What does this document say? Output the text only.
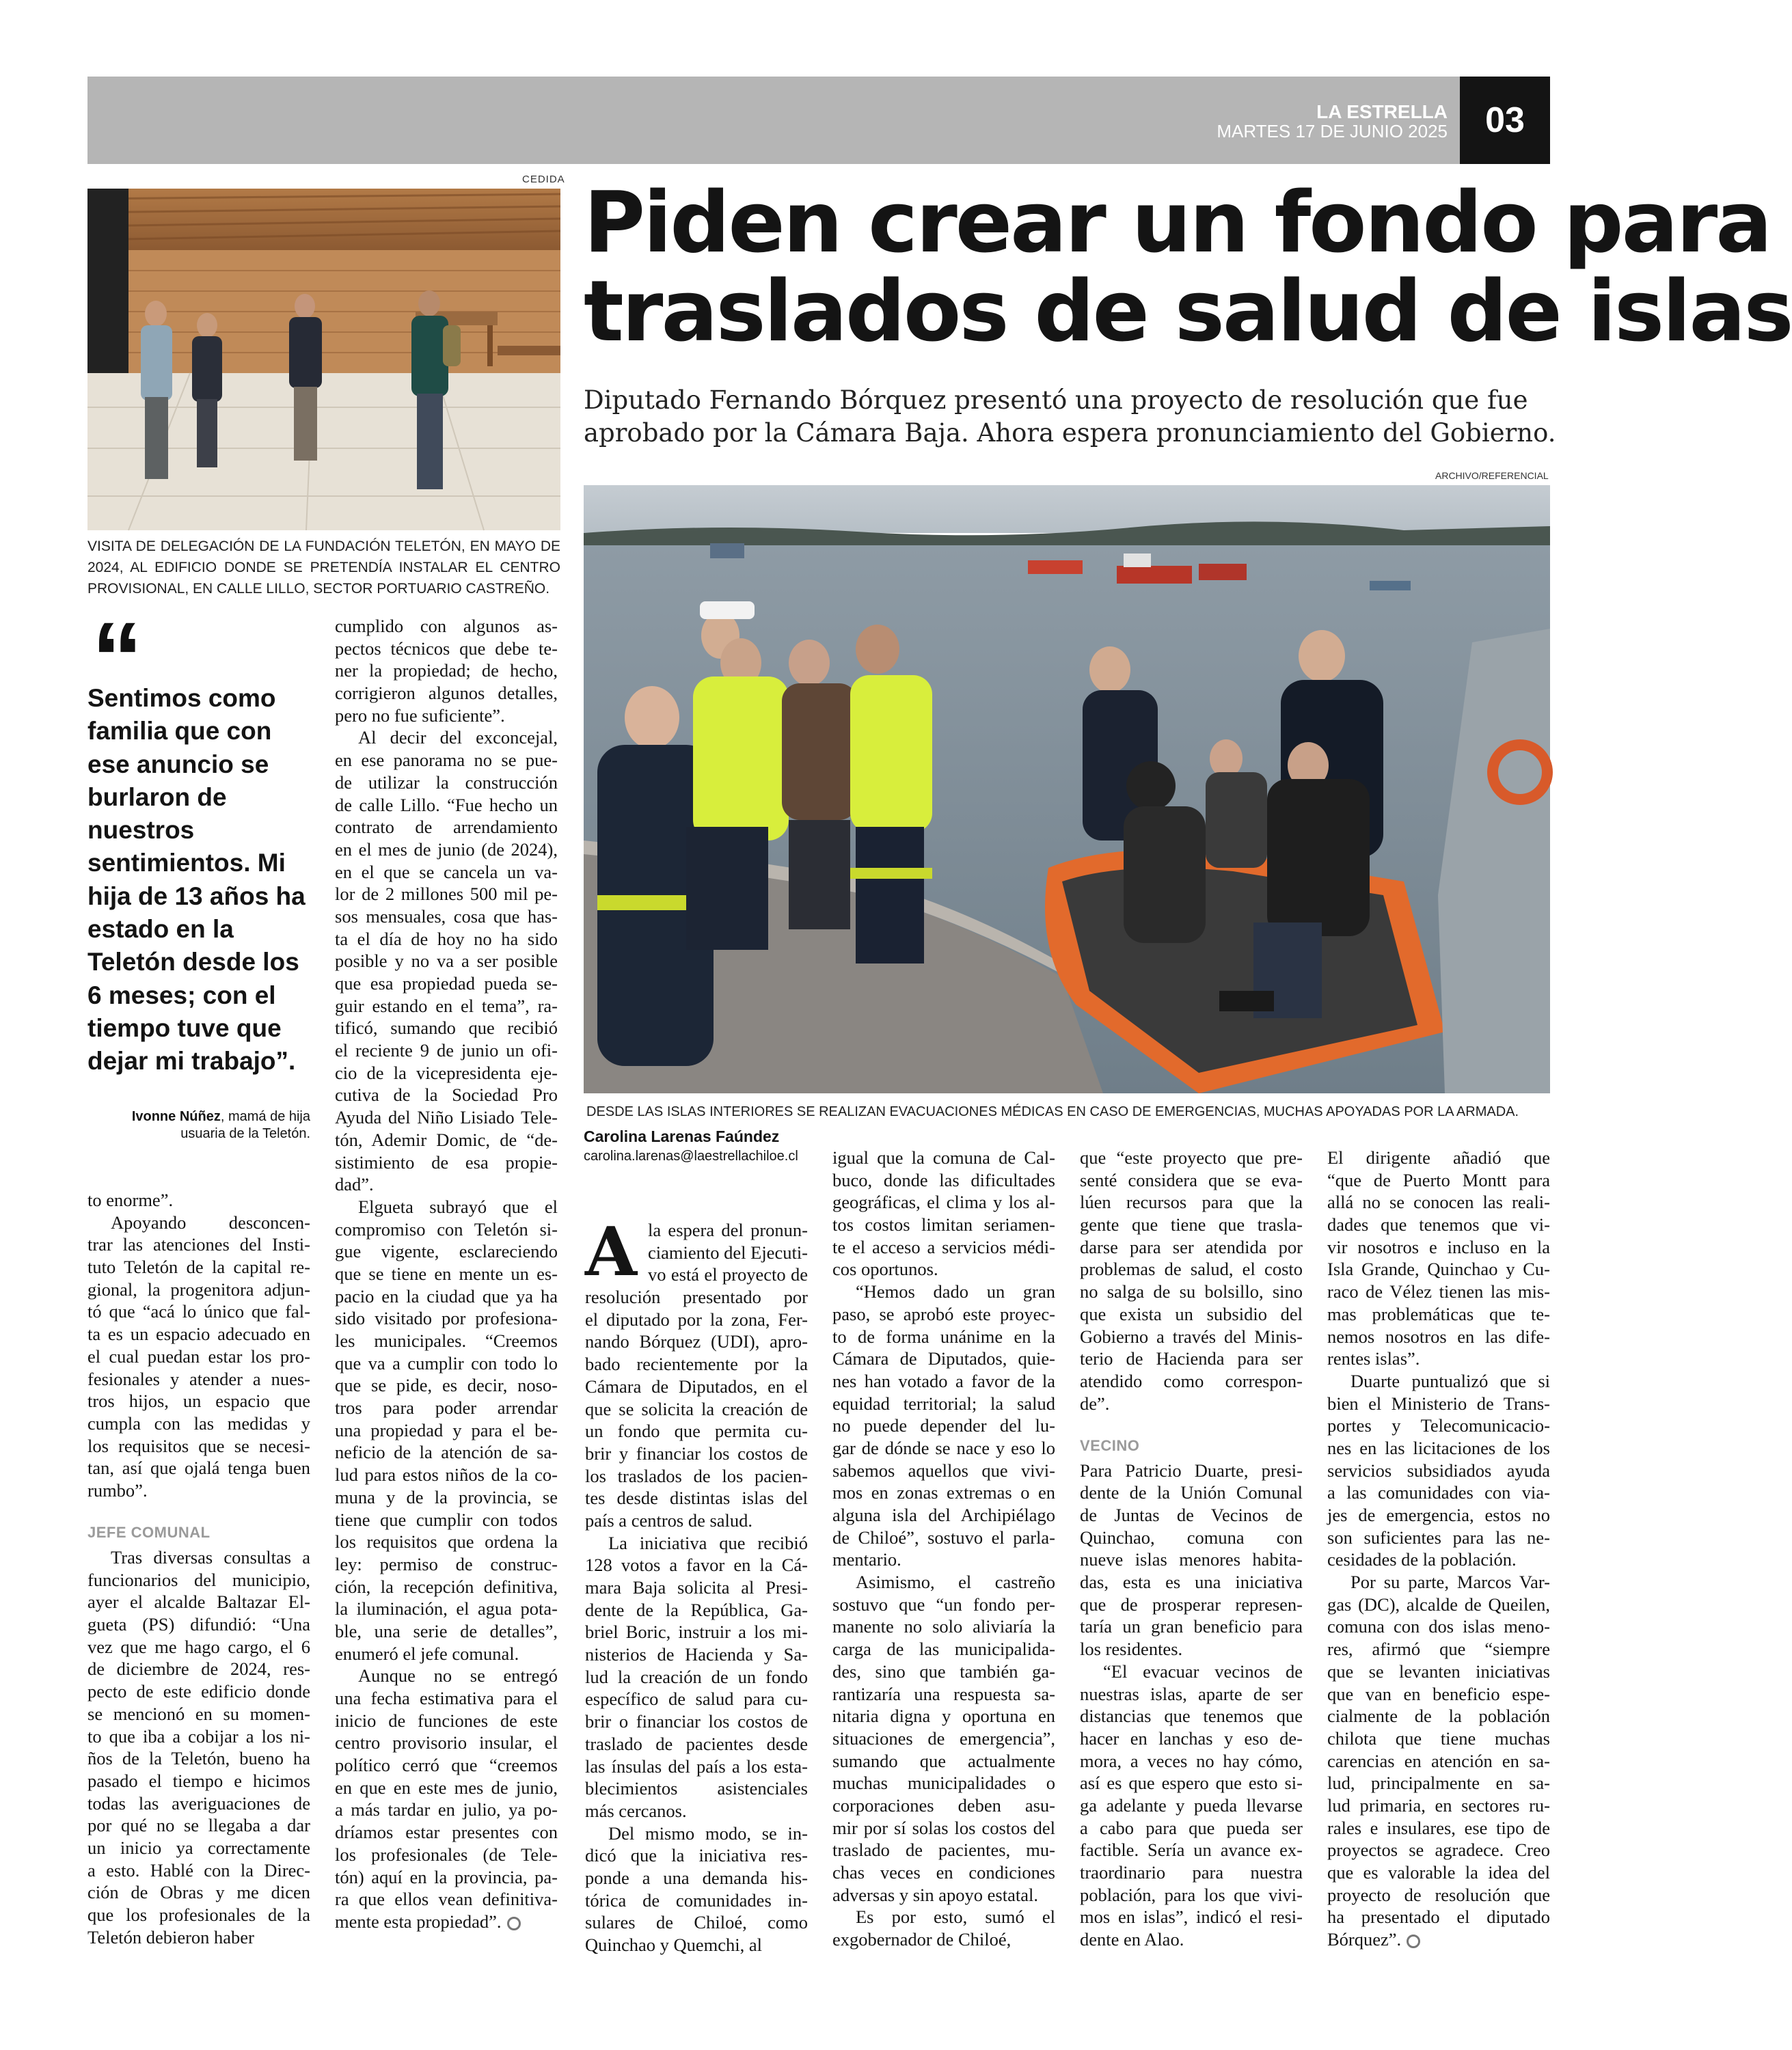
LA ESTRELLA
MARTES 17 DE JUNIO 2025	03
CEDIDA
VISITA DE DELEGACIÓN DE LA FUNDACIÓN TELETÓN, EN MAYO DE
2024, AL EDIFICIO DONDE SE PRETENDÍA INSTALAR EL CENTRO
PROVISIONAL, EN CALLE LILLO, SECTOR PORTUARIO CASTREÑO.
Piden crear un fondo para
traslados de salud de islas
Diputado Fernando Bórquez presentó una proyecto de resolución que fue
aprobado por la Cámara Baja. Ahora espera pronunciamiento del Gobierno.
ARCHIVO/REFERENCIAL
DESDE LAS ISLAS INTERIORES SE REALIZAN EVACUACIONES MÉDICAS EN CASO DE EMERGENCIAS, MUCHAS APOYADAS POR LA ARMADA.
“
Sentimos como
familia que con
ese anuncio se
burlaron de
nuestros
sentimientos. Mi
hija de 13 años ha
estado en la
Teletón desde los
6 meses; con el
tiempo tuve que
dejar mi trabajo”.
Ivonne Núñez, mamá de hija
usuaria de la Teletón.	Carolina Larenas Faúndez
carolina.larenas@laestrellachiloe.cl
A
to enorme”.
Apoyando desconcen-
trar las atenciones del Insti-
tuto Teletón de la capital re-
gional, la progenitora adjun-
tó que “acá lo único que fal-
ta es un espacio adecuado en
el cual puedan estar los pro-
fesionales y atender a nues-
tros hijos, un espacio que
cumpla con las medidas y
los requisitos que se necesi-
tan, así que ojalá tenga buen
rumbo”.
JEFE COMUNAL
Tras diversas consultas a
funcionarios del municipio,
ayer el alcalde Baltazar El-
gueta (PS) difundió: “Una
vez que me hago cargo, el 6
de diciembre de 2024, res-
pecto de este edificio donde
se mencionó en su momen-
to que iba a cobijar a los ni-
ños de la Teletón, bueno ha
pasado el tiempo e hicimos
todas las averiguaciones de
por qué no se llegaba a dar
un inicio ya correctamente
a esto. Hablé con la Direc-
ción de Obras y me dicen
que los profesionales de la
Teletón debieron haber
cumplido con algunos as-
pectos técnicos que debe te-
ner la propiedad; de hecho,
corrigieron algunos detalles,
pero no fue suficiente”.
Al decir del exconcejal,
en ese panorama no se pue-
de utilizar la construcción
de calle Lillo. “Fue hecho un
contrato de arrendamiento
en el mes de junio (de 2024),
en el que se cancela un va-
lor de 2 millones 500 mil pe-
sos mensuales, cosa que has-
ta el día de hoy no ha sido
posible y no va a ser posible
que esa propiedad pueda se-
guir estando en el tema”, ra-
tificó, sumando que recibió
el reciente 9 de junio un ofi-
cio de la vicepresidenta eje-
cutiva de la Sociedad Pro
Ayuda del Niño Lisiado Tele-
tón, Ademir Domic, de “de-
sistimiento de esa propie-
dad”.
Elgueta subrayó que el
compromiso con Teletón si-
gue vigente, esclareciendo
que se tiene en mente un es-
pacio en la ciudad que ya ha
sido visitado por profesiona-
les municipales. “Creemos
que va a cumplir con todo lo
que se pide, es decir, noso-
tros para poder arrendar
una propiedad y para el be-
neficio de la atención de sa-
lud para estos niños de la co-
muna y de la provincia, se
tiene que cumplir con todos
los requisitos que ordena la
ley: permiso de construc-
ción, la recepción definitiva,
la iluminación, el agua pota-
ble, una serie de detalles”,
enumeró el jefe comunal.
Aunque no se entregó
una fecha estimativa para el
inicio de funciones de este
centro provisorio insular, el
político cerró que “creemos
en que en este mes de junio,
a más tardar en julio, ya po-
dríamos estar presentes con
los profesionales (de Tele-
tón) aquí en la provincia, pa-
ra que ellos vean definitiva-
mente esta propiedad”.
la espera del pronun-
ciamiento del Ejecuti-
vo está el proyecto de
resolución presentado por
el diputado por la zona, Fer-
nando Bórquez (UDI), apro-
bado recientemente por la
Cámara de Diputados, en el
que se solicita la creación de
un fondo que permita cu-
brir y financiar los costos de
los traslados de los pacien-
tes desde distintas islas del
país a centros de salud.
La iniciativa que recibió
128 votos a favor en la Cá-
mara Baja solicita al Presi-
dente de la República, Ga-
briel Boric, instruir a los mi-
nisterios de Hacienda y Sa-
lud la creación de un fondo
específico de salud para cu-
brir o financiar los costos de
traslado de pacientes desde
las ínsulas del país a los esta-
blecimientos asistenciales
más cercanos.
Del mismo modo, se in-
dicó que la iniciativa res-
ponde a una demanda his-
tórica de comunidades in-
sulares de Chiloé, como
Quinchao y Quemchi, al
igual que la comuna de Cal-
buco, donde las dificultades
geográficas, el clima y los al-
tos costos limitan seriamen-
te el acceso a servicios médi-
cos oportunos.
“Hemos dado un gran
paso, se aprobó este proyec-
to de forma unánime en la
Cámara de Diputados, quie-
nes han votado a favor de la
equidad territorial; la salud
no puede depender del lu-
gar de dónde se nace y eso lo
sabemos aquellos que vivi-
mos en zonas extremas o en
alguna isla del Archipiélago
de Chiloé”, sostuvo el parla-
mentario.
Asimismo, el castreño
sostuvo que “un fondo per-
manente no solo aliviaría la
carga de las municipalida-
des, sino que también ga-
rantizaría una respuesta sa-
nitaria digna y oportuna en
situaciones de emergencia”,
sumando que actualmente
muchas municipalidades o
corporaciones deben asu-
mir por sí solas los costos del
traslado de pacientes, mu-
chas veces en condiciones
adversas y sin apoyo estatal.
Es por esto, sumó el
exgobernador de Chiloé,
que “este proyecto que pre-
senté considera que se eva-
lúen recursos para que la
gente que tiene que trasla-
darse para ser atendida por
problemas de salud, el costo
no salga de su bolsillo, sino
que exista un subsidio del
Gobierno a través del Minis-
terio de Hacienda para ser
atendido como correspon-
de”.
VECINO
Para Patricio Duarte, presi-
dente de la Unión Comunal
de Juntas de Vecinos de
Quinchao, comuna con
nueve islas menores habita-
das, esta es una iniciativa
que de prosperar represen-
taría un gran beneficio para
los residentes.
“El evacuar vecinos de
nuestras islas, aparte de ser
distancias que tenemos que
hacer en lanchas y eso de-
mora, a veces no hay cómo,
así es que espero que esto si-
ga adelante y pueda llevarse
a cabo para que pueda ser
factible. Sería un avance ex-
traordinario para nuestra
población, para los que vivi-
mos en islas”, indicó el resi-
dente en Alao.
El dirigente añadió que
“que de Puerto Montt para
allá no se conocen las reali-
dades que tenemos que vi-
vir nosotros e incluso en la
Isla Grande, Quinchao y Cu-
raco de Vélez tienen las mis-
mas problemáticas que te-
nemos nosotros en las dife-
rentes islas”.
Duarte puntualizó que si
bien el Ministerio de Trans-
portes y Telecomunicacio-
nes en las licitaciones de los
servicios subsidiados ayuda
a las comunidades con via-
jes de emergencia, estos no
son suficientes para las ne-
cesidades de la población.
Por su parte, Marcos Var-
gas (DC), alcalde de Queilen,
comuna con dos islas meno-
res, afirmó que “siempre
que se levanten iniciativas
que van en beneficio espe-
cialmente de la población
chilota que tiene muchas
carencias en atención en sa-
lud, principalmente en sa-
lud primaria, en sectores ru-
rales e insulares, ese tipo de
proyectos se agradece. Creo
que es valorable la idea del
proyecto de resolución que
ha presentado el diputado
Bórquez”.
